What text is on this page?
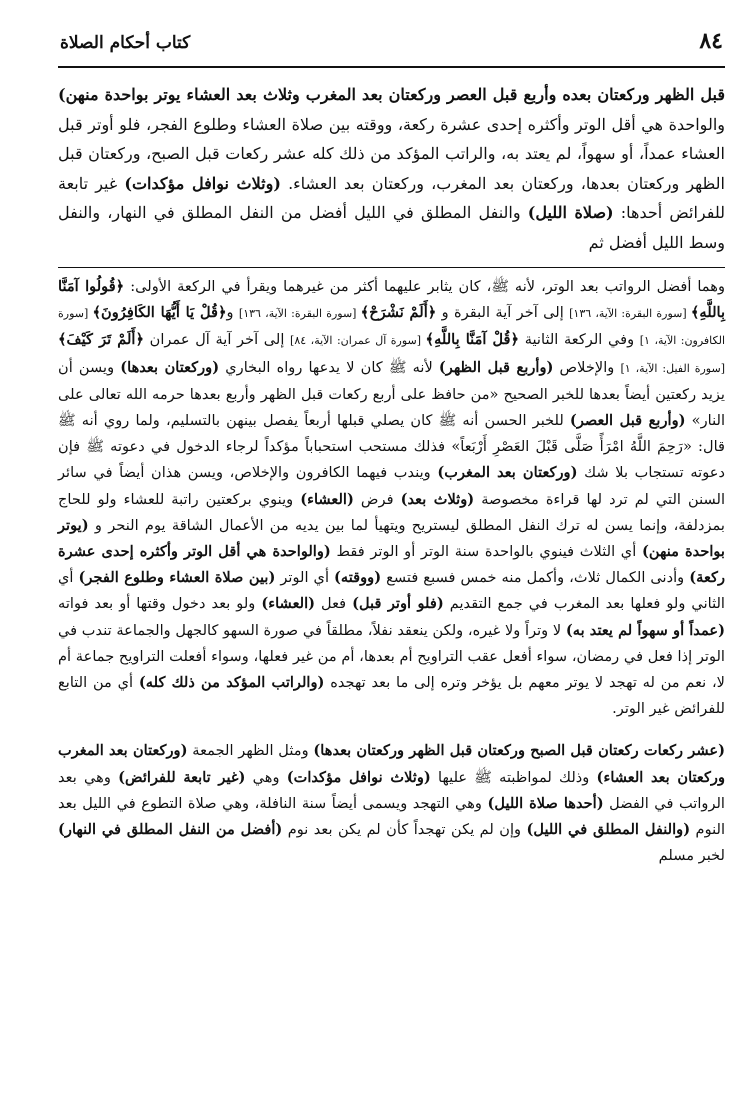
٨٤
كتاب أحكام الصلاة

قبل الظهر وركعتان بعده وأربع قبل العصر وركعتان بعد المغرب وثلاث بعد العشاء يوتر بواحدة منهن) والواحدة هي أقل الوتر وأكثره إحدى عشرة ركعة، ووقته بين صلاة العشاء وطلوع الفجر، فلو أوتر قبل العشاء عمداً، أو سهواً، لم يعتد به، والراتب المؤكد من ذلك كله عشر ركعات قبل الصبح، وركعتان قبل الظهر وركعتان بعدها، وركعتان بعد المغرب، وركعتان بعد العشاء. (وثلاث نوافل مؤكدات) غير تابعة للفرائض أحدها: (صلاة الليل) والنفل المطلق في الليل أفضل من النفل المطلق في النهار، والنفل وسط الليل أفضل ثم

وهما أفضل الرواتب بعد الوتر، لأنه ﷺ، كان يثابر عليهما أكثر من غيرهما ويقرأ في الركعة الأولى: ﴿قُولُوا آمَنَّا بِاللَّهِ﴾ [سورة البقرة: الآية، ١٣٦] إلى آخر آية البقرة و ﴿أَلَمْ نَشْرَحْ﴾ [سورة البقرة: الآية، ١٣٦] و﴿قُلْ يَا أَيُّهَا الكَافِرُونَ﴾ [سورة الكافرون: الآية، ١] وفي الركعة الثانية ﴿قُلْ آمَنَّا بِاللَّهِ﴾ [سورة آل عمران: الآية، ٨٤] إلى آخر آية آل عمران ﴿أَلَمْ تَرَ كَيْفَ﴾[سورة الفيل: الآية، ١] والإخلاص (وأربع قبل الظهر) لأنه ﷺ كان لا يدعها رواه البخاري (وركعتان بعدها) ويسن أن يزيد ركعتين أيضاً بعدها للخبر الصحيح «من حافظ على أربع ركعات قبل الظهر وأربع بعدها حرمه الله تعالى على النار» (وأربع قبل العصر) للخبر الحسن أنه ﷺ كان يصلي قبلها أربعاً يفصل بينهن بالتسليم، ولما روي أنه ﷺ قال: «رَحِمَ اللَّهُ امْرَأً صَلَّى قَبْلَ العَصْرِ أَرْبَعاً» فذلك مستحب استحباباً مؤكداً لرجاء الدخول في دعوته ﷺ فإن دعوته تستجاب بلا شك (وركعتان بعد المغرب) ويندب فيهما الكافرون والإخلاص، ويسن هذان أيضاً في سائر السنن التي لم ترد لها قراءة مخصوصة (وثلاث بعد) فرض (العشاء) وينوي بركعتين راتبة للعشاء ولو للحاج بمزدلفة، وإنما يسن له ترك النفل المطلق ليستريح ويتهيأ لما بين يديه من الأعمال الشاقة يوم النحر و (يوتر بواحدة منهن) أي الثلاث فينوي بالواحدة سنة الوتر أو الوتر فقط (والواحدة هي أقل الوتر وأكثره إحدى عشرة ركعة) وأدنى الكمال ثلاث، وأكمل منه خمس فسبع فتسع (ووقته) أي الوتر (بين صلاة العشاء وطلوع الفجر) أي الثاني ولو فعلها بعد المغرب في جمع التقديم (فلو أوتر قبل) فعل (العشاء) ولو بعد دخول وقتها أو بعد فواته (عمداً أو سهواً لم يعتد به) لا وتراً ولا غيره، ولكن ينعقد نفلاً، مطلقاً في صورة السهو كالجهل والجماعة تندب في الوتر إذا فعل في رمضان، سواء أفعل عقب التراويح أم بعدها، أم من غير فعلها، وسواء أفعلت التراويح جماعة أم لا، نعم من له تهجد لا يوتر معهم بل يؤخر وتره إلى ما بعد تهجده (والراتب المؤكد من ذلك كله) أي من التابع للفرائض غير الوتر.

(عشر ركعات ركعتان قبل الصبح وركعتان قبل الظهر وركعتان بعدها) ومثل الظهر الجمعة (وركعتان بعد المغرب وركعتان بعد العشاء) وذلك لمواظبته ﷺ عليها (وثلاث نوافل مؤكدات) وهي (غير تابعة للفرائض) وهي بعد الرواتب في الفضل (أحدها صلاة الليل) وهي التهجد ويسمى أيضاً سنة النافلة، وهي صلاة التطوع في الليل بعد النوم (والنفل المطلق في الليل) وإن لم يكن تهجداً كأن لم يكن بعد نوم (أفضل من النفل المطلق في النهار) لخبر مسلم
